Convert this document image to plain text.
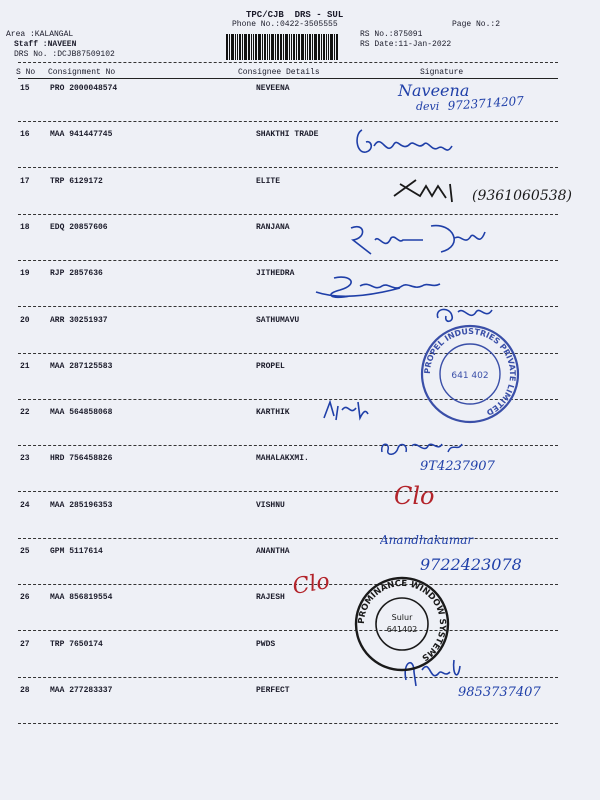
TPC/CJB  DRS - SUL
Phone No.:0422-3505555	Page No.:2
Area :KALANGAL
Staff :NAVEEN
DRS No. :DCJB87509102
RS No.:875091
RS Date:11-Jan-2022
S No Consignment No	Consignee Details	Signature
15	PRO 2000048574	NEVEENA
16	MAA 941447745	SHAKTHI TRADE
17	TRP 6129172	ELITE
18	EDQ 20857606	RANJANA
19	RJP 2857636	JITHEDRA
20	ARR 30251937	SATHUMAVU
21	MAA 287125583	PROPEL
22	MAA 564858068	KARTHIK
23	HRD 756458826	MAHALAKXMI.
24	MAA 285196353	VISHNU
25	GPM 5117614	ANANTHA
26	MAA 856819554	RAJESH
27	TRP 7650174	PWDS
28	MAA 277283337	PERFECT
Naveena
devi 9723714207
(9361060538)
9T4237907
Clo
Anandhakumar
9722423078
Clo
9853737407
PROPEL INDUSTRIES PRIVATE LIMITED
641 402
PROMINANCE WINDOW SYSTEMS
Sulur
641402
